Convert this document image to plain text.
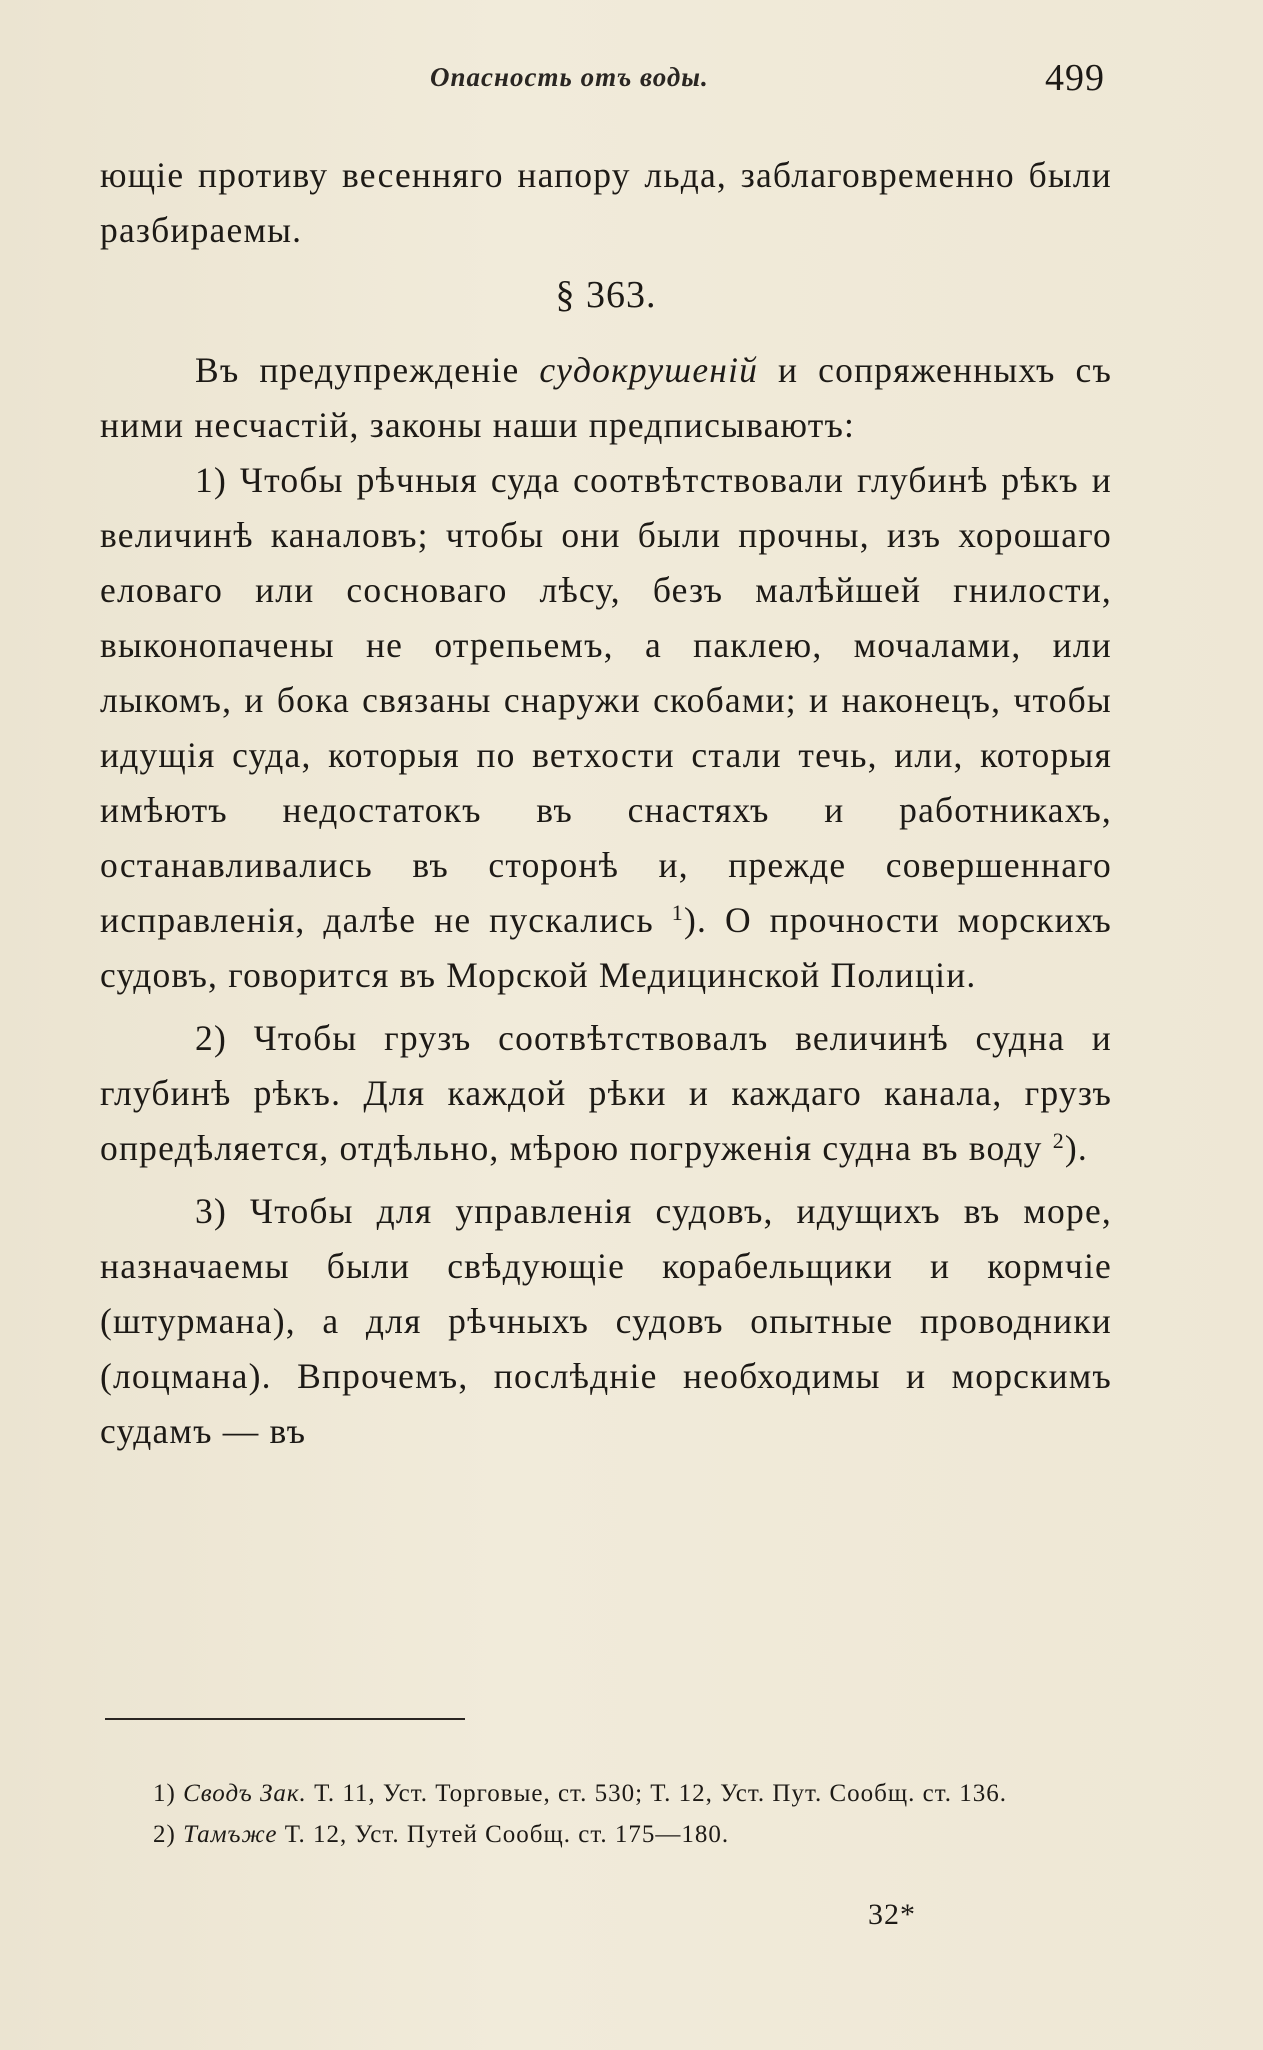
Опасность отъ воды.	499

ющіе противу весенняго напору льда, заблаговременно были разбираемы.

§ 363.

Въ предупрежденіе судокрушеній и сопряженныхъ съ ними несчастій, законы наши предписываютъ:

1) Чтобы рѣчныя суда соотвѣтствовали глубинѣ рѣкъ и величинѣ каналовъ; чтобы они были прочны, изъ хорошаго еловаго или сосноваго лѣсу, безъ малѣйшей гнилости, выконопачены не отрепьемъ, а паклею, мочалами, или лыкомъ, и бока связаны снаружи скобами; и наконецъ, чтобы идущія суда, которыя по ветхости стали течь, или, которыя имѣютъ недостатокъ въ снастяхъ и работникахъ, останавливались въ сторонѣ и, прежде совершеннаго исправленія, далѣе не пускались $^1$). О прочности морскихъ судовъ, говорится въ Морской Медицинской Полиціи.

2) Чтобы грузъ соотвѣтствовалъ величинѣ судна и глубинѣ рѣкъ. Для каждой рѣки и каждаго канала, грузъ опредѣляется, отдѣльно, мѣрою погруженія судна въ воду $^2$).

3) Чтобы для управленія судовъ, идущихъ въ море, назначаемы были свѣдующіе корабельщики и кормчіе (штурмана), а для рѣчныхъ судовъ опытные проводники (лоцмана). Впрочемъ, послѣдніе необходимы и морскимъ судамъ — въ

1) Сводъ Зак. Т. 11, Уст. Торговые, ст. 530; Т. 12, Уст. Пут. Сообщ. ст. 136.

2) Тамъже Т. 12, Уст. Путей Сообщ. ст. 175—180.

32*
